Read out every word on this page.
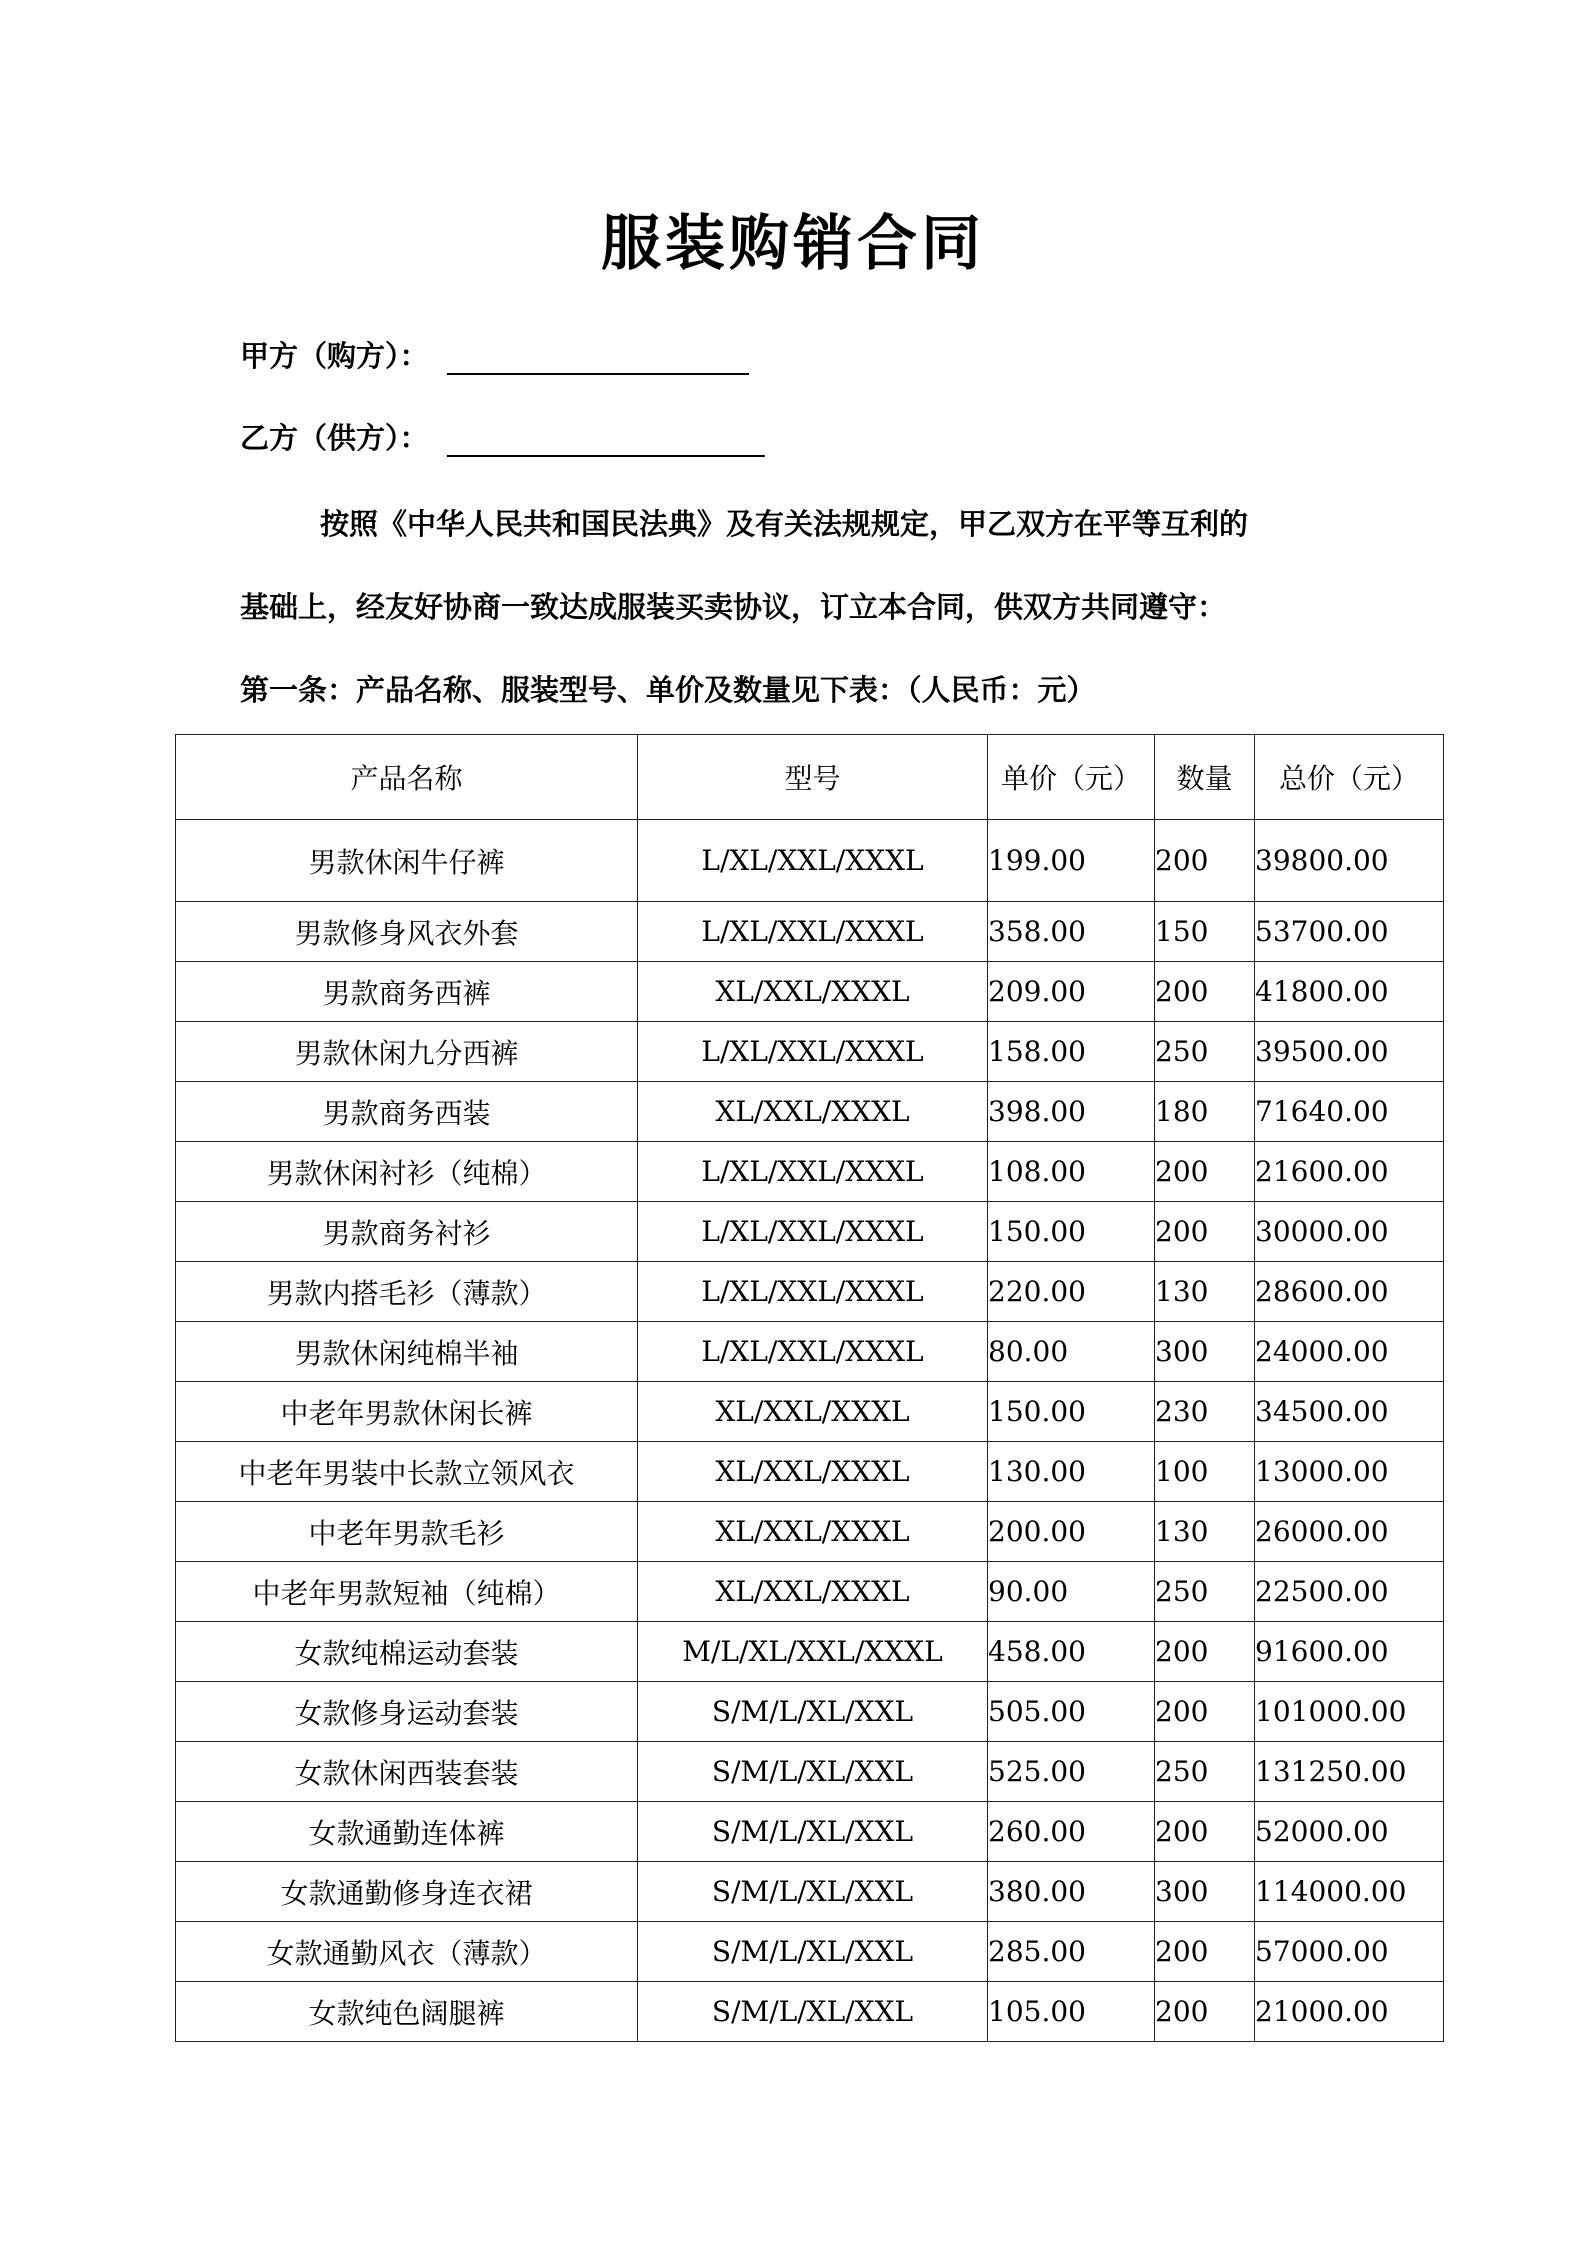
服装购销合同
甲方（购方）：
乙方（供方）：
按照《中华人民共和国民法典》及有关法规规定，甲乙双方在平等互利的
基础上，经友好协商一致达成服装买卖协议，订立本合同，供双方共同遵守：
第一条：产品名称、服装型号、单价及数量见下表：（人民币：元）
产品名称	型号	单价（元）	数量	总价（元）
男款休闲牛仔裤	L/XL/XXL/XXXL	199.00	200	39800.00
男款修身风衣外套	L/XL/XXL/XXXL	358.00	150	53700.00
男款商务西裤	XL/XXL/XXXL	209.00	200	41800.00
男款休闲九分西裤	L/XL/XXL/XXXL	158.00	250	39500.00
男款商务西装	XL/XXL/XXXL	398.00	180	71640.00
男款休闲衬衫（纯棉）	L/XL/XXL/XXXL	108.00	200	21600.00
男款商务衬衫	L/XL/XXL/XXXL	150.00	200	30000.00
男款内搭毛衫（薄款）	L/XL/XXL/XXXL	220.00	130	28600.00
男款休闲纯棉半袖	L/XL/XXL/XXXL	80.00	300	24000.00
中老年男款休闲长裤	XL/XXL/XXXL	150.00	230	34500.00
中老年男装中长款立领风衣	XL/XXL/XXXL	130.00	100	13000.00
中老年男款毛衫	XL/XXL/XXXL	200.00	130	26000.00
中老年男款短袖（纯棉）	XL/XXL/XXXL	90.00	250	22500.00
女款纯棉运动套装	M/L/XL/XXL/XXXL	458.00	200	91600.00
女款修身运动套装	S/M/L/XL/XXL	505.00	200	101000.00
女款休闲西装套装	S/M/L/XL/XXL	525.00	250	131250.00
女款通勤连体裤	S/M/L/XL/XXL	260.00	200	52000.00
女款通勤修身连衣裙	S/M/L/XL/XXL	380.00	300	114000.00
女款通勤风衣（薄款）	S/M/L/XL/XXL	285.00	200	57000.00
女款纯色阔腿裤	S/M/L/XL/XXL	105.00	200	21000.00
